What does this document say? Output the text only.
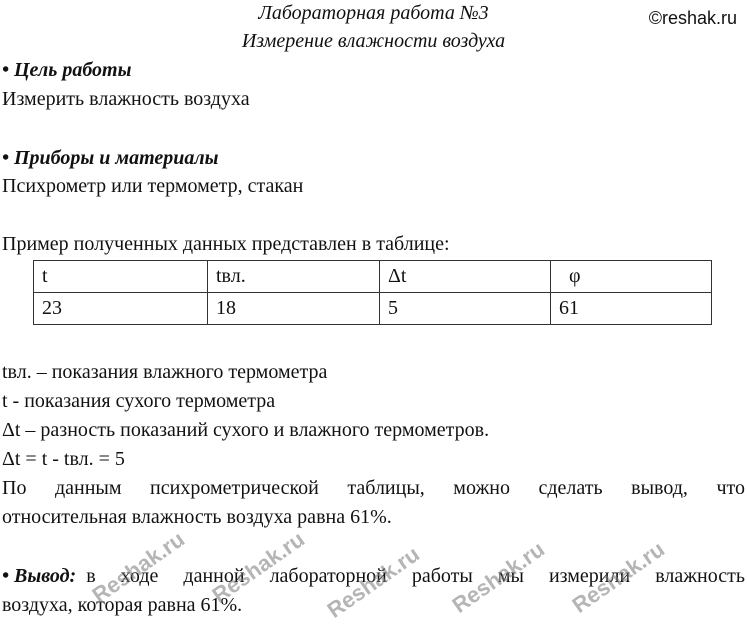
Лабораторная работа №3
Измерение влажности воздуха
©reshak.ru
• Цель работы
Измерить влажность воздуха
• Приборы и материалы
Психрометр или термометр, стакан
Пример полученных данных представлен в таблице:
t	tвл.	Δt	φ
23	18	5	61
tвл. – показания влажного термометра
t - показания сухого термометра
Δt – разность показаний сухого и влажного термометров.
Δt = t - tвл. = 5
По данным психрометрической таблицы, можно сделать вывод, что
относительная влажность воздуха равна 61%.
• Вывод: в ходе данной лабораторной работы мы измерили влажность
воздуха, которая равна 61%.
Reshak.ru Reshak.ru Reshak.ru Reshak.ru Reshak.ru
